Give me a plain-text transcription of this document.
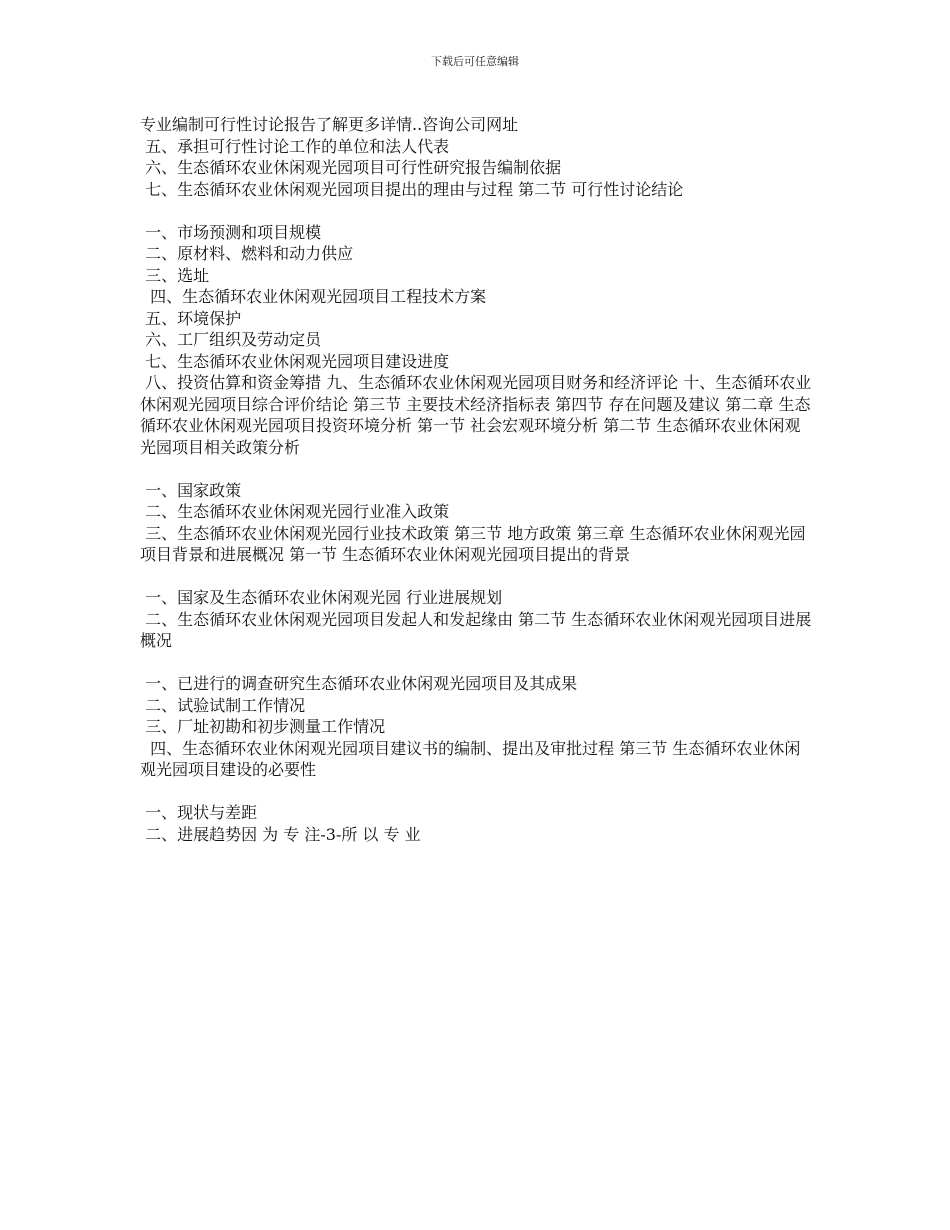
下载后可任意编辑
专业编制可行性讨论报告了解更多详情..咨询公司网址
五、承担可行性讨论工作的单位和法人代表
六、生态循环农业休闲观光园项目可行性研究报告编制依据
七、生态循环农业休闲观光园项目提出的理由与过程 第二节 可行性讨论结论
一、市场预测和项目规模
二、原材料、燃料和动力供应
三、选址
四、生态循环农业休闲观光园项目工程技术方案
五、环境保护
六、工厂组织及劳动定员
七、生态循环农业休闲观光园项目建设进度
八、投资估算和资金筹措 九、生态循环农业休闲观光园项目财务和经济评论 十、生态循环农业休闲观光园项目综合评价结论 第三节 主要技术经济指标表 第四节 存在问题及建议 第二章 生态循环农业休闲观光园项目投资环境分析 第一节 社会宏观环境分析 第二节 生态循环农业休闲观光园项目相关政策分析
一、国家政策
二、生态循环农业休闲观光园行业准入政策
三、生态循环农业休闲观光园行业技术政策 第三节 地方政策 第三章 生态循环农业休闲观光园项目背景和进展概况 第一节 生态循环农业休闲观光园项目提出的背景
一、国家及生态循环农业休闲观光园 行业进展规划
二、生态循环农业休闲观光园项目发起人和发起缘由 第二节 生态循环农业休闲观光园项目进展概况
一、已进行的调查研究生态循环农业休闲观光园项目及其成果
二、试验试制工作情况
三、厂址初勘和初步测量工作情况
四、生态循环农业休闲观光园项目建议书的编制、提出及审批过程 第三节 生态循环农业休闲观光园项目建设的必要性
一、现状与差距
二、进展趋势因 为 专 注-3-所 以 专 业
